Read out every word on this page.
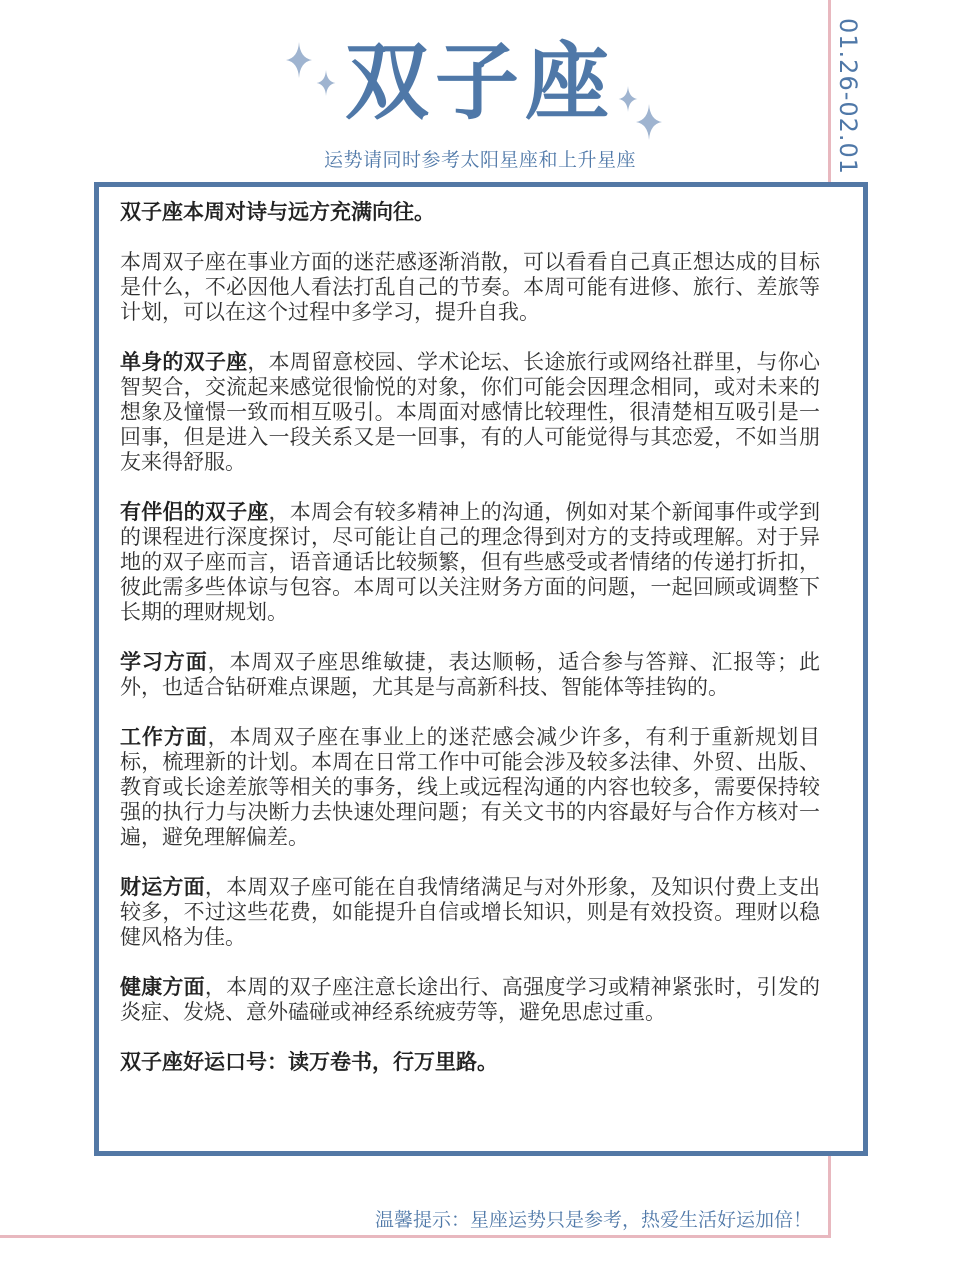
双子座
运势请同时参考太阳星座和上升星座	01.26-02.01

双子座本周对诗与远方充满向往。

本周双子座在事业方面的迷茫感逐渐消散，可以看看自己真正想达成的目标是什么，不必因他人看法打乱自己的节奏。本周可能有进修、旅行、差旅等计划，可以在这个过程中多学习，提升自我。

单身的双子座，本周留意校园、学术论坛、长途旅行或网络社群里，与你心智契合，交流起来感觉很愉悦的对象，你们可能会因理念相同，或对未来的想象及憧憬一致而相互吸引。本周面对感情比较理性，很清楚相互吸引是一回事，但是进入一段关系又是一回事，有的人可能觉得与其恋爱，不如当朋友来得舒服。

有伴侣的双子座，本周会有较多精神上的沟通，例如对某个新闻事件或学到的课程进行深度探讨，尽可能让自己的理念得到对方的支持或理解。对于异地的双子座而言，语音通话比较频繁，但有些感受或者情绪的传递打折扣，彼此需多些体谅与包容。本周可以关注财务方面的问题，一起回顾或调整下长期的理财规划。

学习方面，本周双子座思维敏捷，表达顺畅，适合参与答辩、汇报等；此外，也适合钻研难点课题，尤其是与高新科技、智能体等挂钩的。

工作方面，本周双子座在事业上的迷茫感会减少许多，有利于重新规划目标，梳理新的计划。本周在日常工作中可能会涉及较多法律、外贸、出版、教育或长途差旅等相关的事务，线上或远程沟通的内容也较多，需要保持较强的执行力与决断力去快速处理问题；有关文书的内容最好与合作方核对一遍，避免理解偏差。

财运方面，本周双子座可能在自我情绪满足与对外形象，及知识付费上支出较多，不过这些花费，如能提升自信或增长知识，则是有效投资。理财以稳健风格为佳。

健康方面，本周的双子座注意长途出行、高强度学习或精神紧张时，引发的炎症、发烧、意外磕碰或神经系统疲劳等，避免思虑过重。

双子座好运口号：读万卷书，行万里路。

温馨提示：星座运势只是参考，热爱生活好运加倍！
